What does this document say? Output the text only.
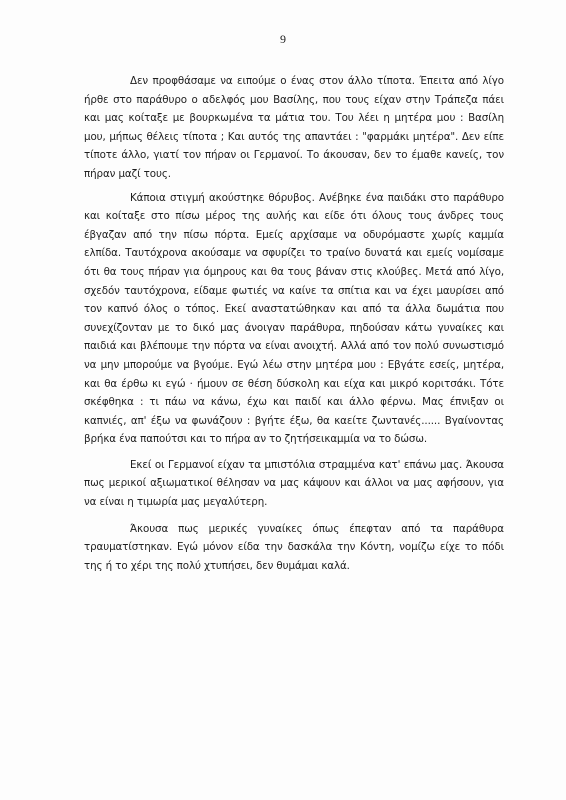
9

Δεν προφθάσαμε να ειπούμε ο ένας στον άλλο τίποτα. Έπειτα από λίγο ήρθε στο παράθυρο ο αδελφός μου Βασίλης, που τους είχαν στην Τράπεζα πάει και μας κοίταξε με βουρκωμένα τα μάτια του. Του λέει η μητέρα μου : Βασίλη μου, μήπως θέλεις τίποτα ; Και αυτός της απαντάει : "φαρμάκι μητέρα". Δεν είπε τίποτε άλλο, γιατί τον πήραν οι Γερμανοί. Το άκουσαν, δεν το έμαθε κανείς, τον πήραν μαζί τους.

Κάποια στιγμή ακούστηκε θόρυβος. Ανέβηκε ένα παιδάκι στο παράθυρο και κοίταξε στο πίσω μέρος της αυλής και είδε ότι όλους τους άνδρες τους έβγαζαν από την πίσω πόρτα. Εμείς αρχίσαμε να οδυρόμαστε χωρίς καμμία ελπίδα. Ταυτόχρονα ακούσαμε να σφυρίζει το τραίνο δυνατά και εμείς νομίσαμε ότι θα τους πήραν για όμηρους και θα τους βάναν στις κλούβες. Μετά από λίγο, σχεδόν ταυτόχρονα, είδαμε φωτιές να καίνε τα σπίτια και να έχει μαυρίσει από τον καπνό όλος ο τόπος. Εκεί αναστατώθηκαν και από τα άλλα δωμάτια που συνεχίζονταν με το δικό μας άνοιγαν παράθυρα, πηδούσαν κάτω γυναίκες και παιδιά και βλέπουμε την πόρτα να είναι ανοιχτή. Αλλά από τον πολύ συνωστισμό να μην μπορούμε να βγούμε. Εγώ λέω στην μητέρα μου : Εβγάτε εσείς, μητέρα, και θα έρθω κι εγώ · ήμουν σε θέση δύσκολη και είχα και μικρό κοριτσάκι. Τότε σκέφθηκα : τι πάω να κάνω, έχω και παιδί και άλλο φέρνω. Μας έπνιξαν οι καπνιές, απ' έξω να φωνάζουν : βγήτε έξω, θα καείτε ζωντανές...... Βγαίνοντας βρήκα ένα παπούτσι και το πήρα αν το ζητήσεικαμμία να το δώσω.

Εκεί οι Γερμανοί είχαν τα μπιστόλια στραμμένα κατ' επάνω μας. Άκουσα πως μερικοί αξιωματικοί θέλησαν να μας κάψουν και άλλοι να μας αφήσουν, για να είναι η τιμωρία μας μεγαλύτερη.

Άκουσα πως μερικές γυναίκες όπως έπεφταν από τα παράθυρα τραυματίστηκαν. Εγώ μόνον είδα την δασκάλα την Κόντη, νομίζω είχε το πόδι της ή το χέρι της πολύ χτυπήσει, δεν θυμάμαι καλά.
